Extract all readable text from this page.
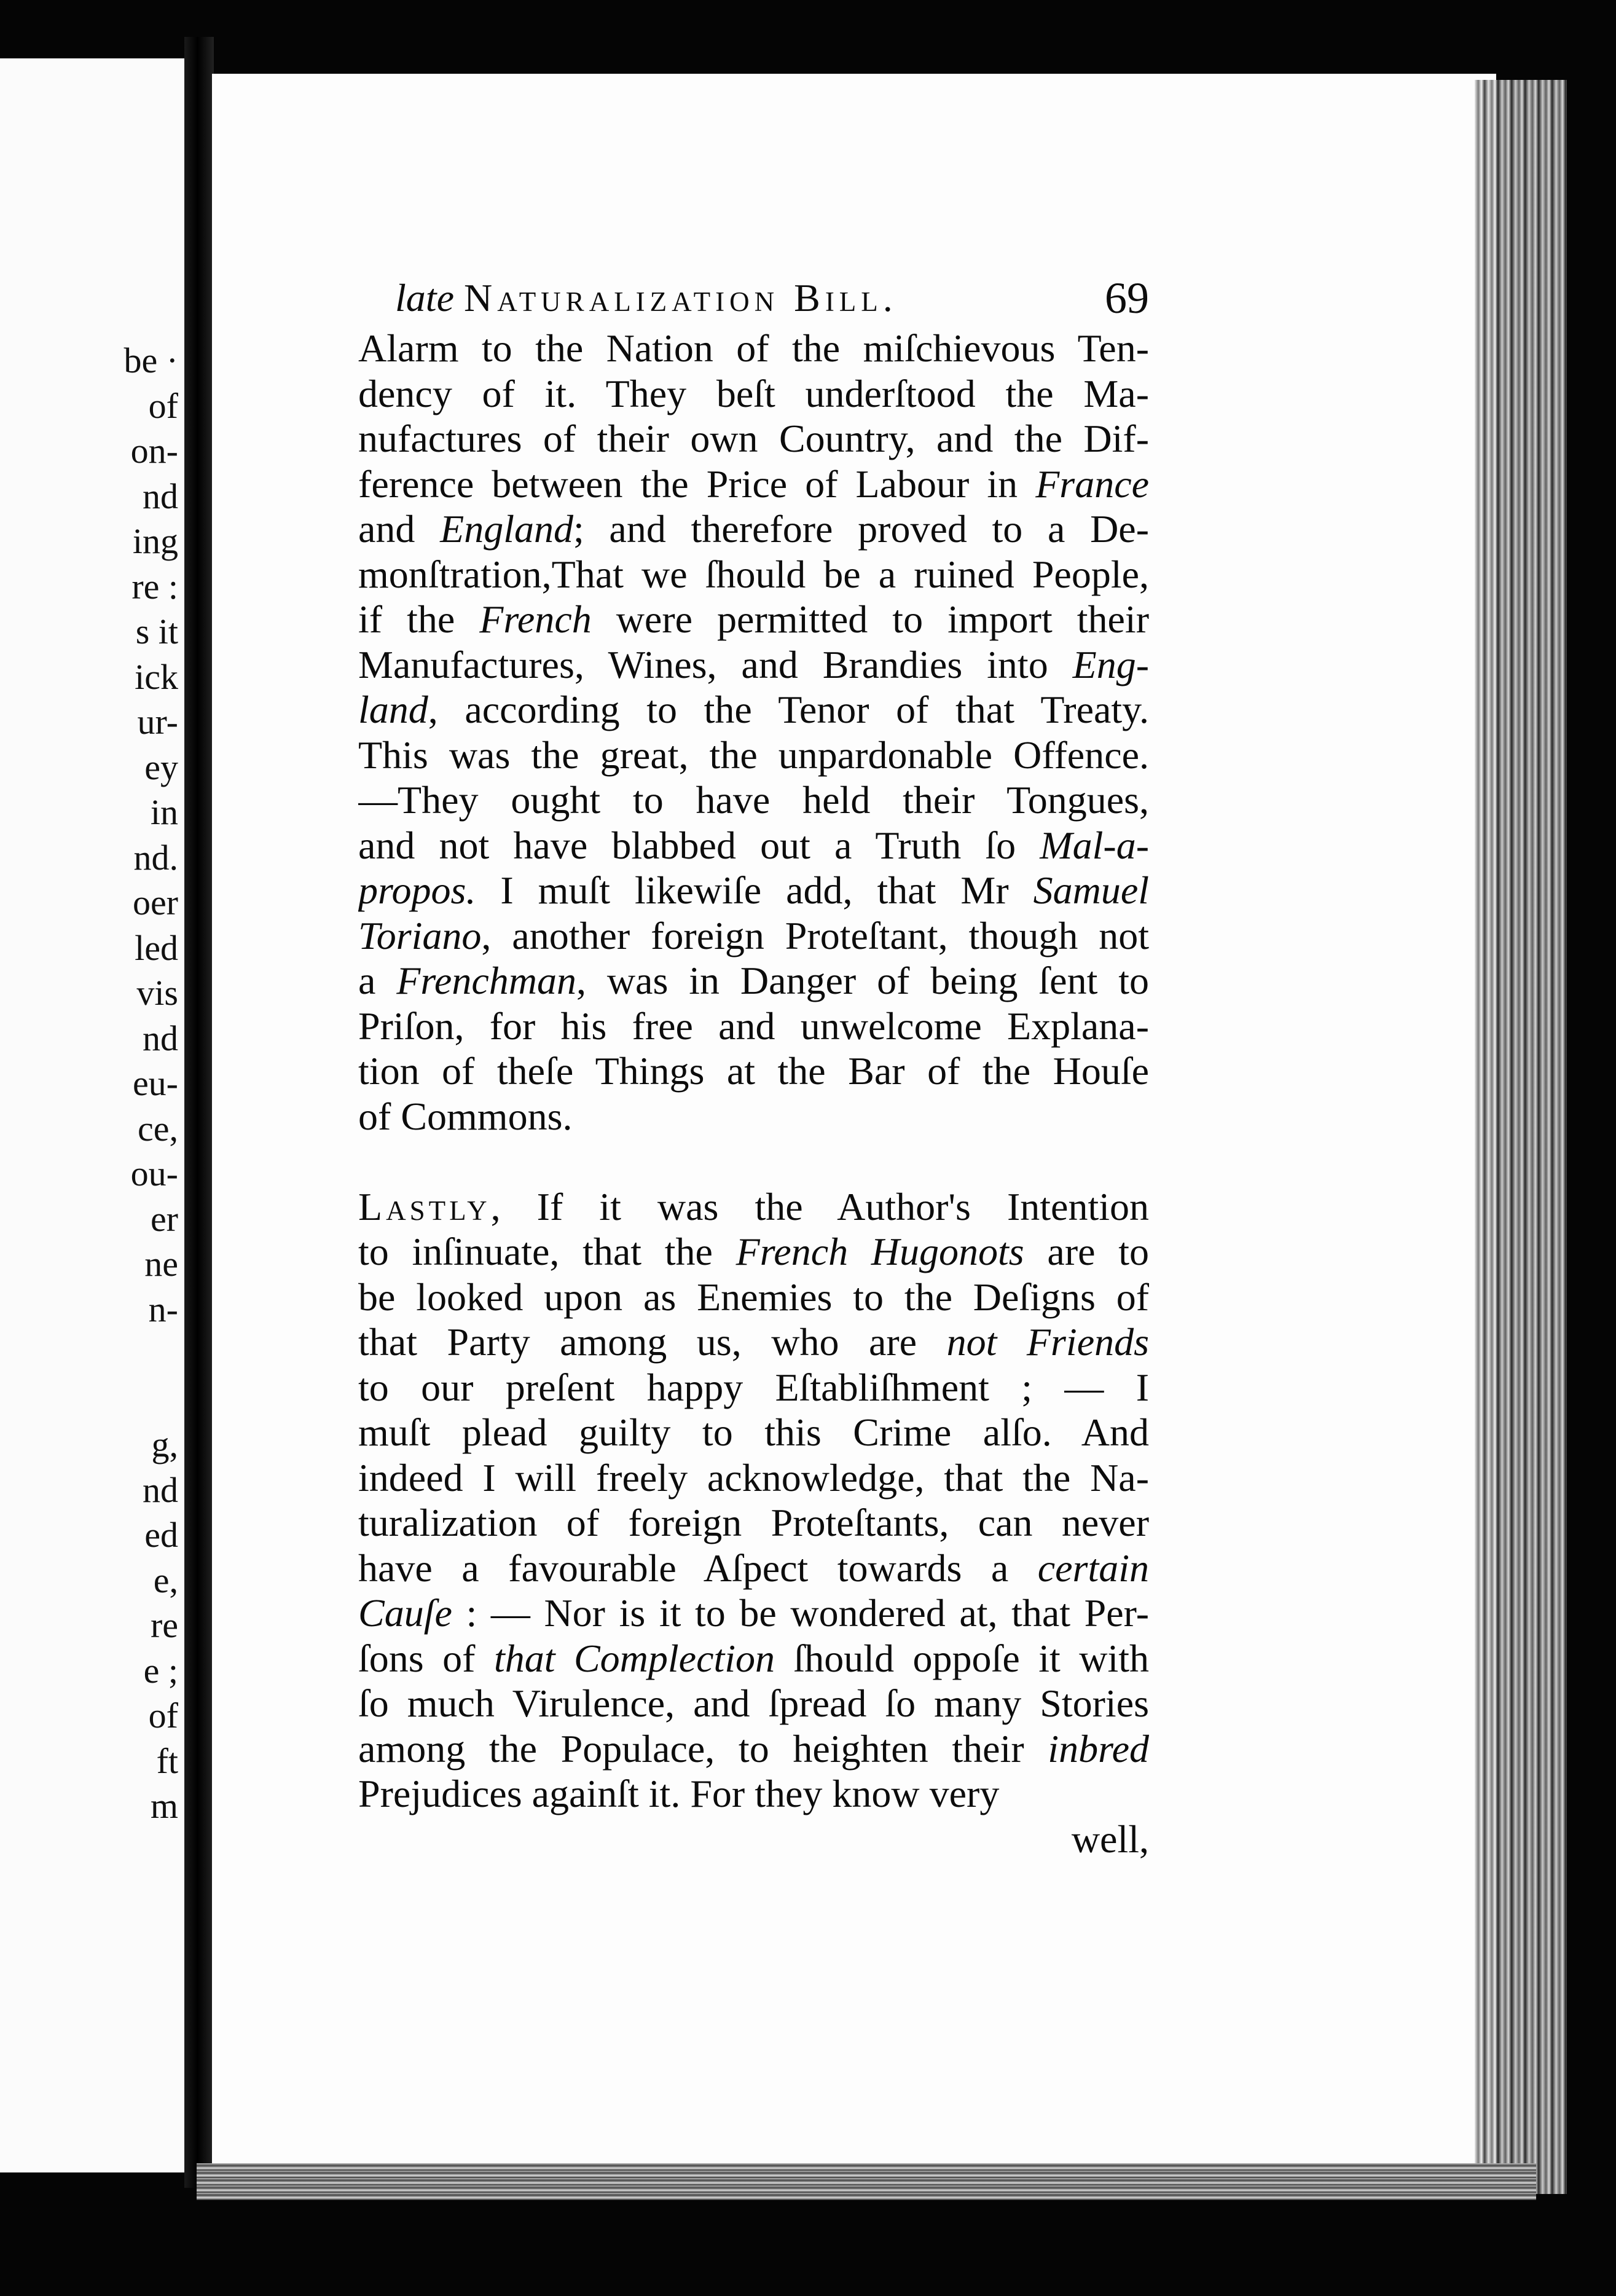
be ·
of
on-
nd
ing
re :
s it
ick
ur-
ey
in
nd.
oer
led
vis
nd
eu-
ce,
ou-
er
ne
n-
g,
nd
ed
e,
re
e ;
of
ft
m
late Naturalization Bill.	69
Alarm to the Nation of the miſchievous Ten-
dency of it. They beſt underſtood the Ma-
nufactures of their own Country, and the Dif-
ference between the Price of Labour in France
and England; and therefore proved to a De-
monſtration,That we ſhould be a ruined People,
if the French were permitted to import their
Manufactures, Wines, and Brandies into Eng-
land, according to the Tenor of that Treaty.
This was the great, the unpardonable Offence.
—They ought to have held their Tongues,
and not have blabbed out a Truth ſo Mal-a-
propos. I muſt likewiſe add, that Mr Samuel
Toriano, another foreign Proteſtant, though not
a Frenchman, was in Danger of being ſent to
Priſon, for his free and unwelcome Explana-
tion of theſe Things at the Bar of the Houſe
of Commons.
Lastly, If it was the Author's Intention
to inſinuate, that the French Hugonots are to
be looked upon as Enemies to the Deſigns of
that Party among us, who are not Friends
to our preſent happy Eſtabliſhment ; — I
muſt plead guilty to this Crime alſo. And
indeed I will freely acknowledge, that the Na-
turalization of foreign Proteſtants, can never
have a favourable Aſpect towards a certain
Cauſe : — Nor is it to be wondered at, that Per-
ſons of that Complection ſhould oppoſe it with
ſo much Virulence, and ſpread ſo many Stories
among the Populace, to heighten their inbred
Prejudices againſt it. For they know very
well,
